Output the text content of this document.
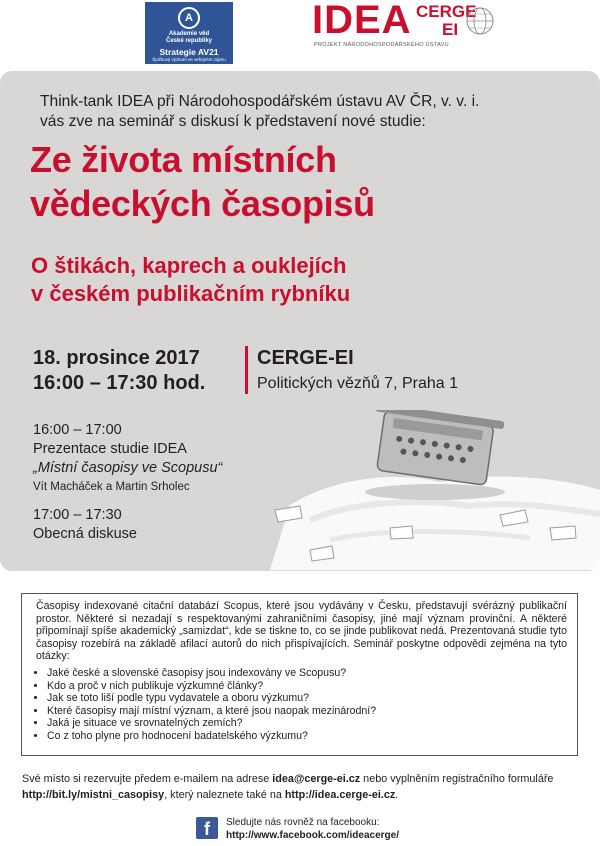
A
Akademie věd
České republiky
Strategie AV21
Špičkový výzkum ve veřejném zájmu
IDEA CERGE
EI
PROJEKT NÁRODOHOSPODÁŘSKÉHO ÚSTAVU
Think-tank IDEA při Národohospodářském ústavu AV ČR, v. v. i.
vás zve na seminář s diskusí k představení nové studie:
Ze života místních
vědeckých časopisů
O štikách, kaprech a ouklejích
v českém publikačním rybníku
18. prosince 2017
16:00 – 17:30 hod.
CERGE-EI
Politických vězňů 7, Praha 1
16:00 – 17:00
Prezentace studie IDEA
„Místní časopisy ve Scopusu“
Vít Macháček a Martin Srholec
17:00 – 17:30
Obecná diskuse

Časopisy indexované citační databází Scopus, které jsou vydávány v Česku, představují svérázný publikační prostor. Některé si nezadají s respektovanými zahraničními časopisy, jiné mají význam provinční. A některé připomínají spíše akademický „samizdat“, kde se tiskne to, co se jinde publikovat nedá. Prezentovaná studie tyto časopisy rozebírá na základě afilací autorů do nich přispívajících. Seminář poskytne odpovědi zejména na tyto otázky:

• Jaké české a slovenské časopisy jsou indexovány ve Scopusu?
• Kdo a proč v nich publikuje výzkumné články?
• Jak se toto liší podle typu vydavatele a oboru výzkumu?
• Které časopisy mají místní význam, a které jsou naopak mezinárodní?
• Jaká je situace ve srovnatelných zemích?
• Co z toho plyne pro hodnocení badatelského výzkumu?
Své místo si rezervujte předem e-mailem na adrese idea@cerge-ei.cz nebo vyplněním registračního formuláře
http://bit.ly/mistni_casopisy, který naleznete také na http://idea.cerge-ei.cz.
f	Sledujte nás rovněž na facebooku:
http://www.facebook.com/ideacerge/
